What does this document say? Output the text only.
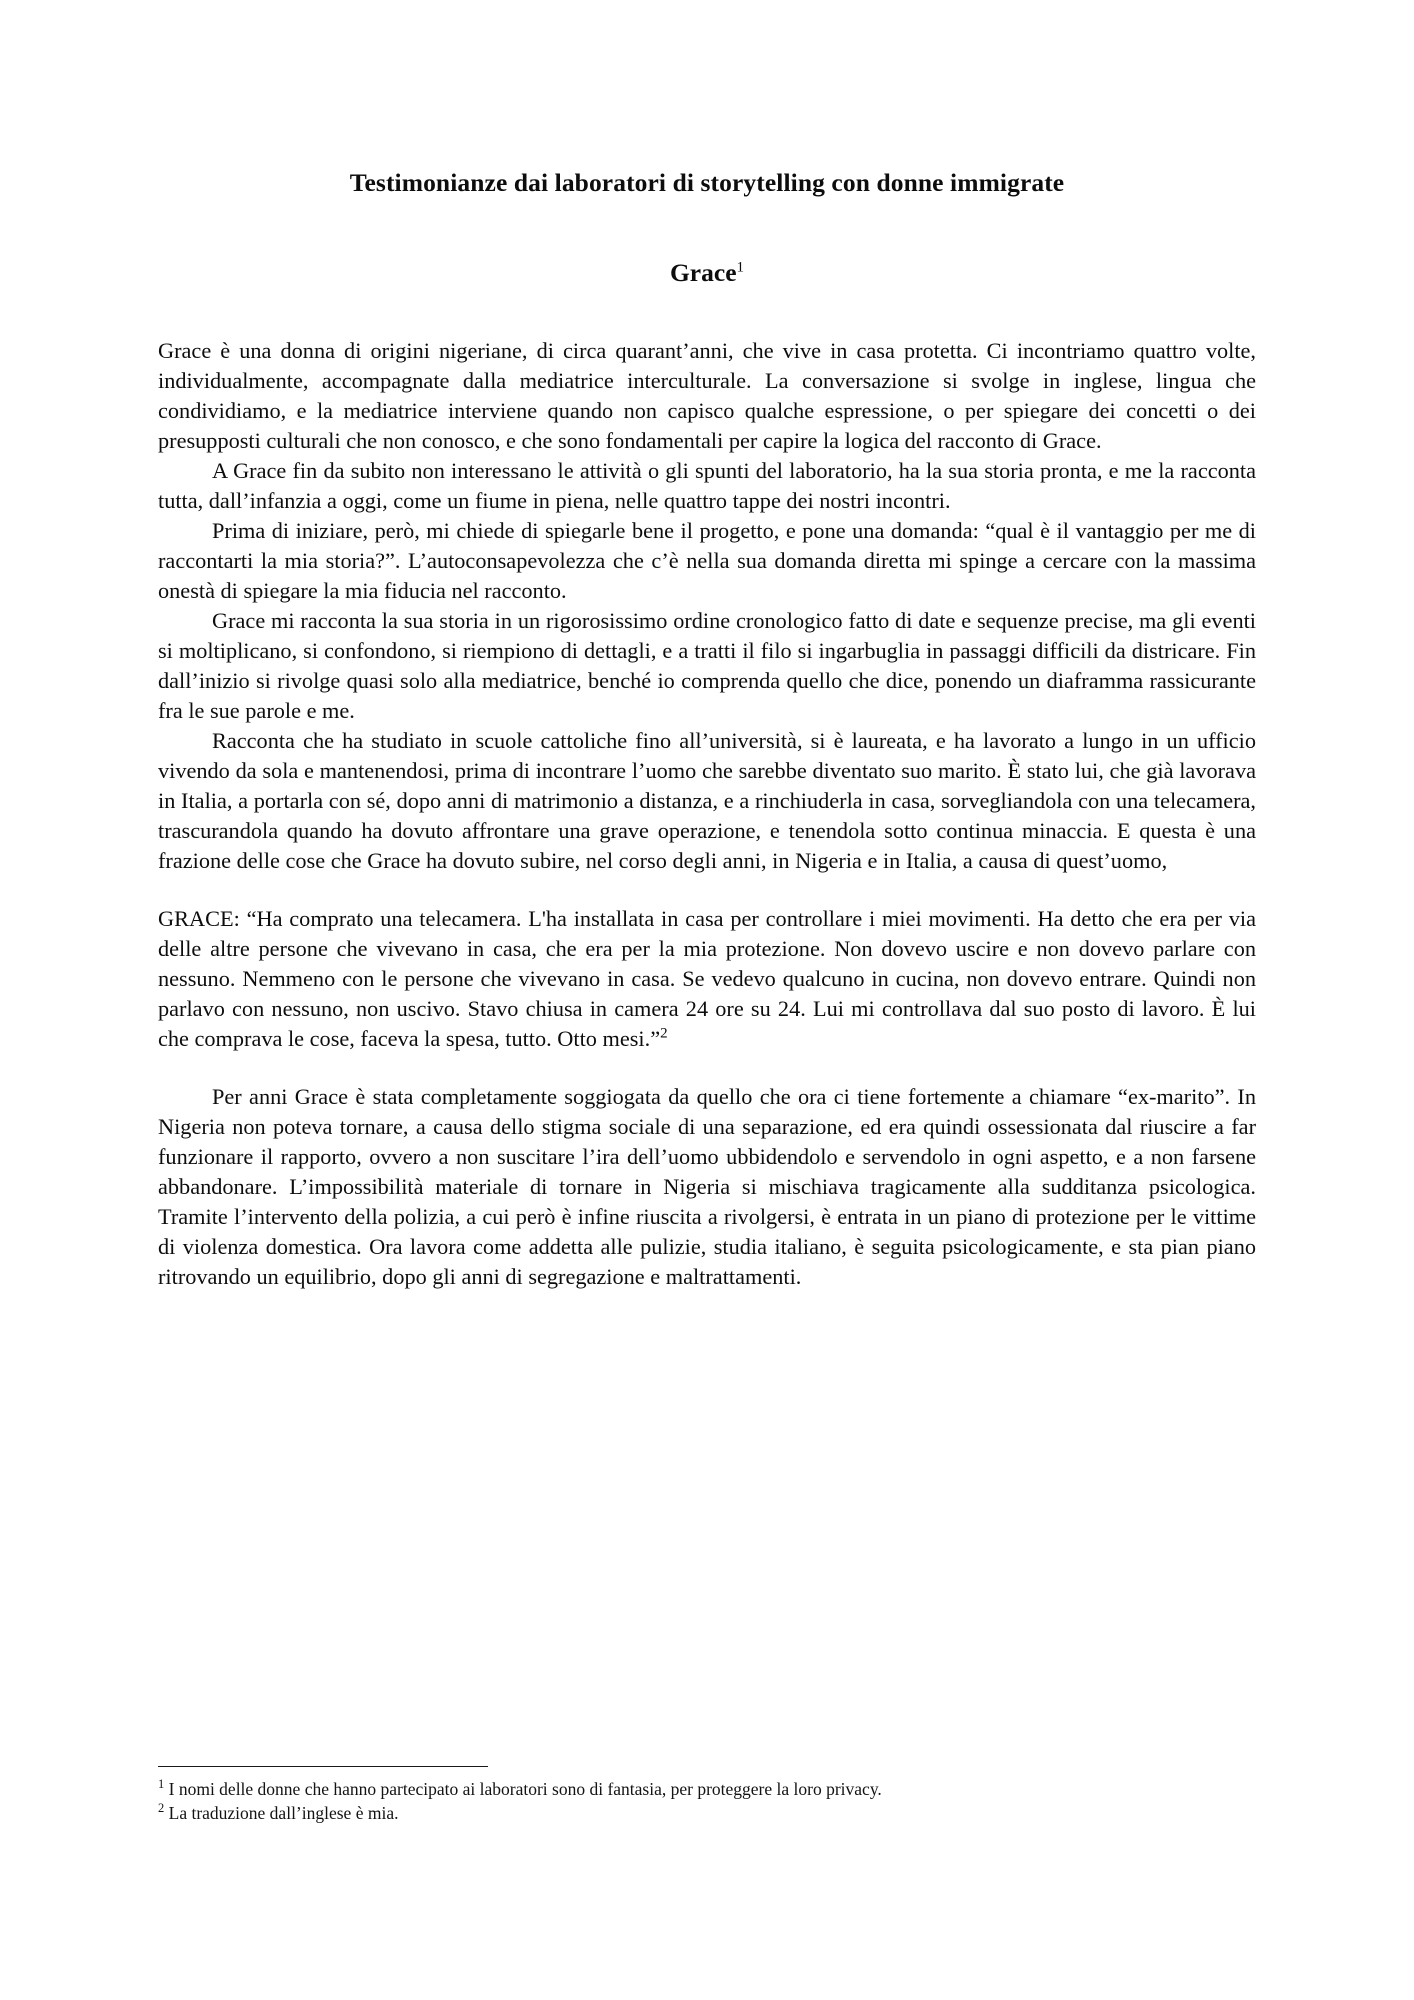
Testimonianze dai laboratori di storytelling con donne immigrate
Grace$^1$

Grace è una donna di origini nigeriane, di circa quarant’anni, che vive in casa protetta. Ci incontriamo quattro volte, individualmente, accompagnate dalla mediatrice interculturale. La conversazione si svolge in inglese, lingua che condividiamo, e la mediatrice interviene quando non capisco qualche espressione, o per spiegare dei concetti o dei presupposti culturali che non conosco, e che sono fondamentali per capire la logica del racconto di Grace.

A Grace fin da subito non interessano le attività o gli spunti del laboratorio, ha la sua storia pronta, e me la racconta tutta, dall’infanzia a oggi, come un fiume in piena, nelle quattro tappe dei nostri incontri.

Prima di iniziare, però, mi chiede di spiegarle bene il progetto, e pone una domanda: “qual è il vantaggio per me di raccontarti la mia storia?”. L’autoconsapevolezza che c’è nella sua domanda diretta mi spinge a cercare con la massima onestà di spiegare la mia fiducia nel racconto.

Grace mi racconta la sua storia in un rigorosissimo ordine cronologico fatto di date e sequenze precise, ma gli eventi si moltiplicano, si confondono, si riempiono di dettagli, e a tratti il filo si ingarbuglia in passaggi difficili da districare. Fin dall’inizio si rivolge quasi solo alla mediatrice, benché io comprenda quello che dice, ponendo un diaframma rassicurante fra le sue parole e me.

Racconta che ha studiato in scuole cattoliche fino all’università, si è laureata, e ha lavorato a lungo in un ufficio vivendo da sola e mantenendosi, prima di incontrare l’uomo che sarebbe diventato suo marito. È stato lui, che già lavorava in Italia, a portarla con sé, dopo anni di matrimonio a distanza, e a rinchiuderla in casa, sorvegliandola con una telecamera, trascurandola quando ha dovuto affrontare una grave operazione, e tenendola sotto continua minaccia. E questa è una frazione delle cose che Grace ha dovuto subire, nel corso degli anni, in Nigeria e in Italia, a causa di quest’uomo,

GRACE: “Ha comprato una telecamera. L'ha installata in casa per controllare i miei movimenti. Ha detto che era per via delle altre persone che vivevano in casa, che era per la mia protezione. Non dovevo uscire e non dovevo parlare con nessuno. Nemmeno con le persone che vivevano in casa. Se vedevo qualcuno in cucina, non dovevo entrare. Quindi non parlavo con nessuno, non uscivo. Stavo chiusa in camera 24 ore su 24. Lui mi controllava dal suo posto di lavoro. È lui che comprava le cose, faceva la spesa, tutto. Otto mesi.”$^2$

Per anni Grace è stata completamente soggiogata da quello che ora ci tiene fortemente a chiamare “ex-marito”. In Nigeria non poteva tornare, a causa dello stigma sociale di una separazione, ed era quindi ossessionata dal riuscire a far funzionare il rapporto, ovvero a non suscitare l’ira dell’uomo ubbidendolo e servendolo in ogni aspetto, e a non farsene abbandonare. L’impossibilità materiale di tornare in Nigeria si mischiava tragicamente alla sudditanza psicologica. Tramite l’intervento della polizia, a cui però è infine riuscita a rivolgersi, è entrata in un piano di protezione per le vittime di violenza domestica. Ora lavora come addetta alle pulizie, studia italiano, è seguita psicologicamente, e sta pian piano ritrovando un equilibrio, dopo gli anni di segregazione e maltrattamenti.

$^1$ I nomi delle donne che hanno partecipato ai laboratori sono di fantasia, per proteggere la loro privacy.

$^2$ La traduzione dall’inglese è mia.
